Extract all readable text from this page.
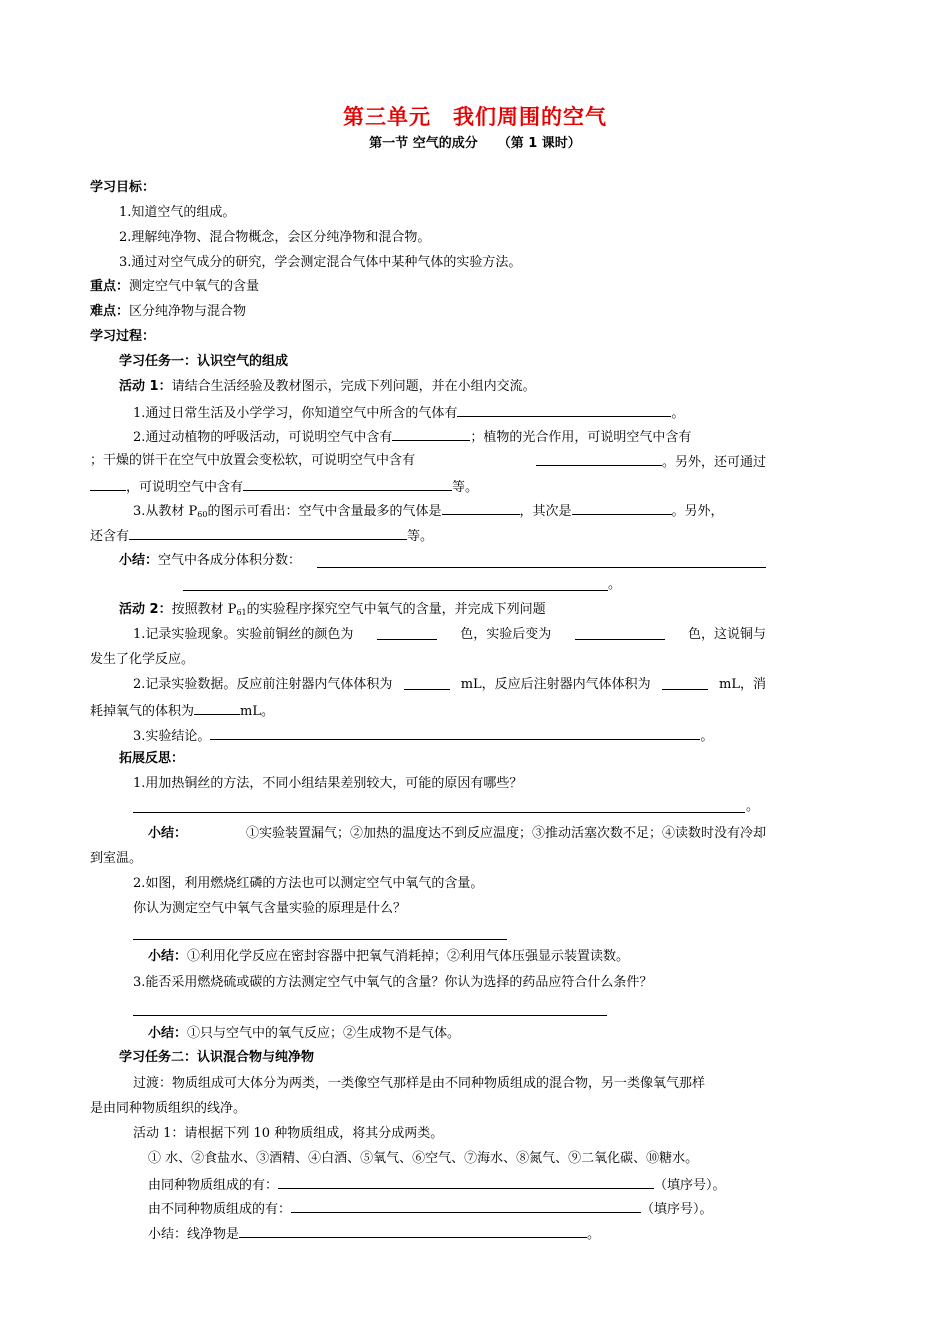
第三单元 我们周围的空气
第一节 空气的成分 （第 1 课时）
学习目标：
1.知道空气的组成。
2.理解纯净物、混合物概念，会区分纯净物和混合物。
3.通过对空气成分的研究，学会测定混合气体中某种气体的实验方法。
重点：测定空气中氧气的含量
难点：区分纯净物与混合物
学习过程：
学习任务一：认识空气的组成
活动 1：请结合生活经验及教材图示，完成下列问题，并在小组内交流。
1.通过日常生活及小学学习，你知道空气中所含的气体有	。
2.通过动植物的呼吸活动，可说明空气中含有	；植物的光合作用，可说明空气中含有
；干燥的饼干在空气中放置会变松软，可说明空气中含有	。另外，还可通过
，可说明空气中含有	等。
3.从教材 $P_{60}$的图示可看出：空气中含量最多的气体是	，其次是	。另外，
还含有	等。
小结：空气中各成分体积分数：
。
活动 2：按照教材 $P_{61}$的实验程序探究空气中氧气的含量，并完成下列问题
1.记录实验现象。实验前铜丝的颜色为	色，实验后变为	色，这说铜与
发生了化学反应。
2.记录实验数据。反应前注射器内气体体积为	mL，反应后注射器内气体体积为	mL，消
耗掉氧气的体积为	mL。
3.实验结论。	。
拓展反思：
1.用加热铜丝的方法，不同小组结果差别较大，可能的原因有哪些？
。
小结：	①实验装置漏气；②加热的温度达不到反应温度；③推动活塞次数不足；④读数时没有冷却
到室温。
2.如图，利用燃烧红磷的方法也可以测定空气中氧气的含量。
你认为测定空气中氧气含量实验的原理是什么？
小结：①利用化学反应在密封容器中把氧气消耗掉；②利用气体压强显示装置读数。
3.能否采用燃烧硫或碳的方法测定空气中氧气的含量？你认为选择的药品应符合什么条件？
小结：①只与空气中的氧气反应；②生成物不是气体。
学习任务二：认识混合物与纯净物
过渡：物质组成可大体分为两类，一类像空气那样是由不同种物质组成的混合物，另一类像氧气那样
是由同种物质组织的线净。
活动 1：请根据下列 10 种物质组成，将其分成两类。
① 水、②食盐水、③酒精、④白酒、⑤氧气、⑥空气、⑦海水、⑧氮气、⑨二氧化碳、⑩糖水。
由同种物质组成的有：	（填序号）。
由不同种物质组成的有：	（填序号）。
小结：线净物是	。
